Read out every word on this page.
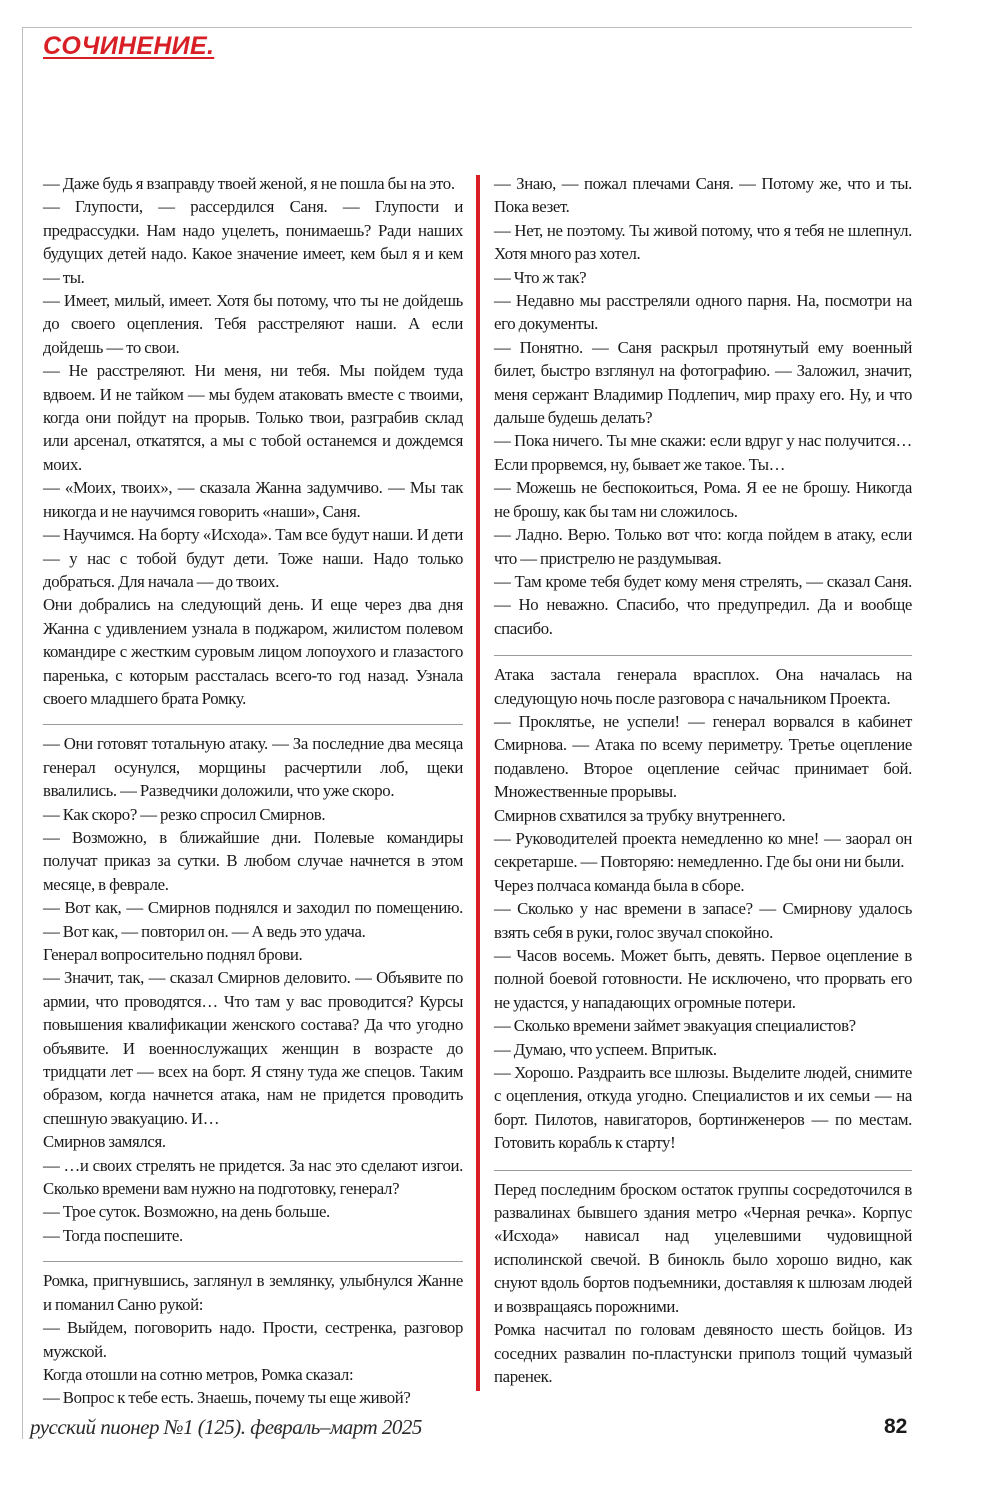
СОЧИНЕНИЕ.

— Даже будь я взаправду твоей женой, я не пошла бы на это.

— Глупости, — рассердился Саня. — Глупости и предрассудки. Нам надо уцелеть, понимаешь? Ради наших будущих детей надо. Какое значение имеет, кем был я и кем — ты.

— Имеет, милый, имеет. Хотя бы потому, что ты не дойдешь до своего оцепления. Тебя расстреляют наши. А если дойдешь — то свои.

— Не расстреляют. Ни меня, ни тебя. Мы пойдем туда вдвоем. И не тайком — мы будем атаковать вместе с твоими, когда они пойдут на прорыв. Только твои, разграбив склад или арсенал, откатятся, а мы с тобой останемся и дождемся моих.

— «Моих, твоих», — сказала Жанна задумчиво. — Мы так никогда и не научимся говорить «наши», Саня.

— Научимся. На борту «Исхода». Там все будут наши. И дети — у нас с тобой будут дети. Тоже наши. Надо только добраться. Для начала — до твоих.

Они добрались на следующий день. И еще через два дня Жанна с удивлением узнала в поджаром, жилистом полевом командире с жестким суровым лицом лопоухого и глазастого паренька, с которым рассталась всего-то год назад. Узнала своего младшего брата Ромку.

— Они готовят тотальную атаку. — За последние два месяца генерал осунулся, морщины расчертили лоб, щеки ввалились. — Разведчики доложили, что уже скоро.

— Как скоро? — резко спросил Смирнов.

— Возможно, в ближайшие дни. Полевые командиры получат приказ за сутки. В любом случае начнется в этом месяце, в феврале.

— Вот как, — Смирнов поднялся и заходил по помещению. — Вот как, — повторил он. — А ведь это удача.

Генерал вопросительно поднял брови.

— Значит, так, — сказал Смирнов деловито. — Объявите по армии, что проводятся… Что там у вас проводится? Курсы повышения квалификации женского состава? Да что угодно объявите. И военнослужащих женщин в возрасте до тридцати лет — всех на борт. Я стяну туда же спецов. Таким образом, когда начнется атака, нам не придется проводить спешную эвакуацию. И…

Смирнов замялся.

— …и своих стрелять не придется. За нас это сделают изгои. Сколько времени вам нужно на подготовку, генерал?

— Трое суток. Возможно, на день больше.

— Тогда поспешите.

Ромка, пригнувшись, заглянул в землянку, улыбнулся Жанне и поманил Саню рукой:

— Выйдем, поговорить надо. Прости, сестренка, разговор мужской.

Когда отошли на сотню метров, Ромка сказал:

— Вопрос к тебе есть. Знаешь, почему ты еще живой?

— Знаю, — пожал плечами Саня. — Потому же, что и ты. Пока везет.

— Нет, не поэтому. Ты живой потому, что я тебя не шлепнул. Хотя много раз хотел.

— Что ж так?

— Недавно мы расстреляли одного парня. На, посмотри на его документы.

— Понятно. — Саня раскрыл протянутый ему военный билет, быстро взглянул на фотографию. — Заложил, значит, меня сержант Владимир Подлепич, мир праху его. Ну, и что дальше будешь делать?

— Пока ничего. Ты мне скажи: если вдруг у нас получится… Если прорвемся, ну, бывает же такое. Ты…

— Можешь не беспокоиться, Рома. Я ее не брошу. Никогда не брошу, как бы там ни сложилось.

— Ладно. Верю. Только вот что: когда пойдем в атаку, если что — пристрелю не раздумывая.

— Там кроме тебя будет кому меня стрелять, — сказал Саня. — Но неважно. Спасибо, что предупредил. Да и вообще спасибо.

Атака застала генерала врасплох. Она началась на следующую ночь после разговора с начальником Проекта.

— Проклятье, не успели! — генерал ворвался в кабинет Смирнова. — Атака по всему периметру. Третье оцепление подавлено. Второе оцепление сейчас принимает бой. Множественные прорывы.

Смирнов схватился за трубку внутреннего.

— Руководителей проекта немедленно ко мне! — заорал он секретарше. — Повторяю: немедленно. Где бы они ни были.

Через полчаса команда была в сборе.

— Сколько у нас времени в запасе? — Смирнову удалось взять себя в руки, голос звучал спокойно.

— Часов восемь. Может быть, девять. Первое оцепление в полной боевой готовности. Не исключено, что прорвать его не удастся, у нападающих огромные потери.

— Сколько времени займет эвакуация специалистов?

— Думаю, что успеем. Впритык.

— Хорошо. Раздраить все шлюзы. Выделите людей, снимите с оцепления, откуда угодно. Специалистов и их семьи — на борт. Пилотов, навигаторов, бортинженеров — по местам. Готовить корабль к старту!

Перед последним броском остаток группы сосредоточился в развалинах бывшего здания метро «Черная речка». Корпус «Исхода» нависал над уцелевшими чудовищной исполинской свечой. В бинокль было хорошо видно, как снуют вдоль бортов подъемники, доставляя к шлюзам людей и возвращаясь порожними.

Ромка насчитал по головам девяносто шесть бойцов. Из соседних развалин по-пластунски приполз тощий чумазый паренек.

русский пионер №1 (125). февраль–март 2025	82
